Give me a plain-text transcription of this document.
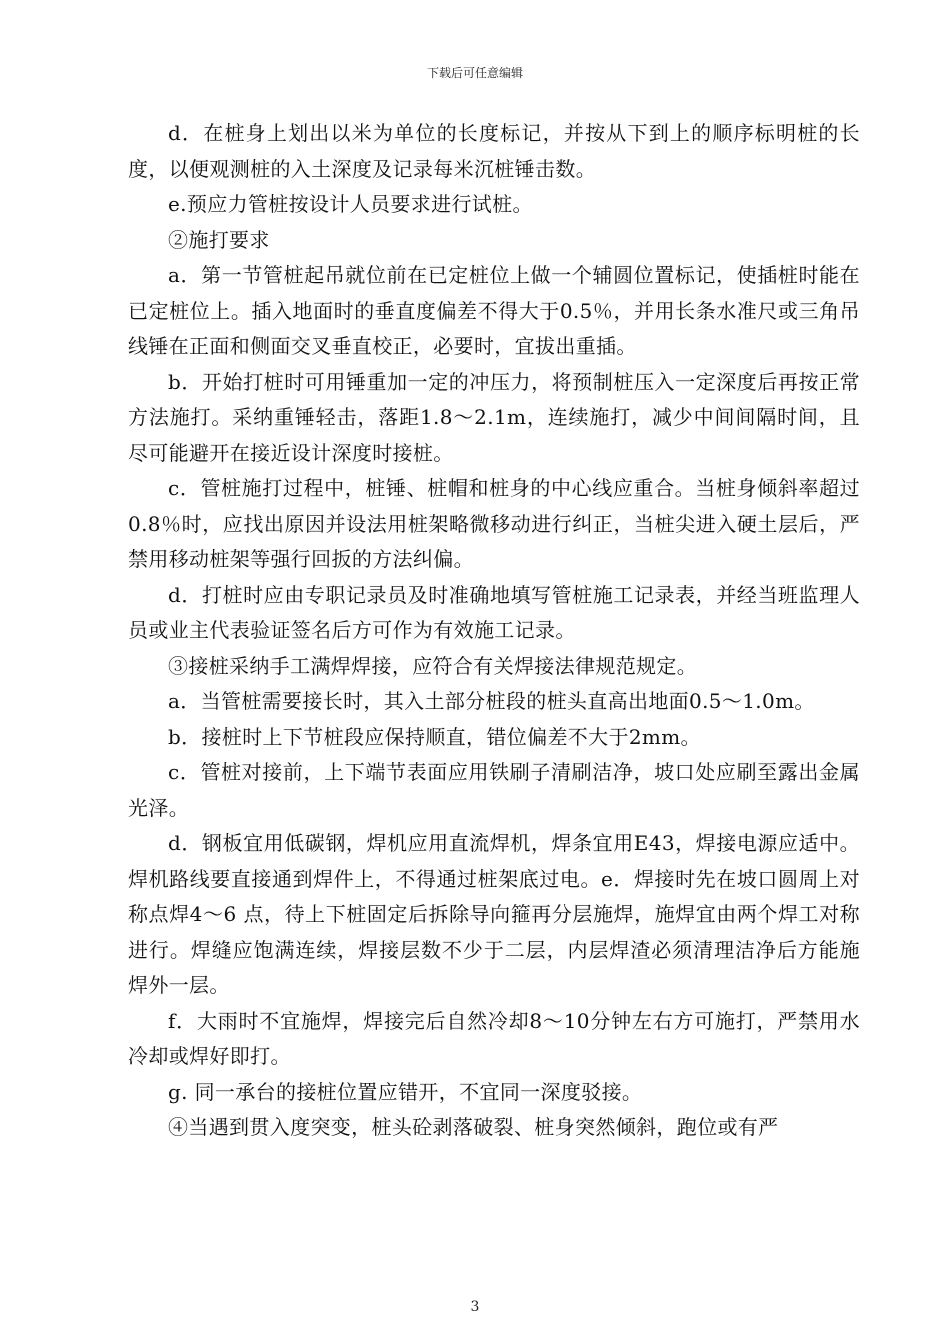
下载后可任意编辑

d．在桩身上划出以米为单位的长度标记，并按从下到上的顺序标明桩的长度，以便观测桩的入土深度及记录每米沉桩锤击数。

e.预应力管桩按设计人员要求进行试桩。

②施打要求

a．第一节管桩起吊就位前在已定桩位上做一个辅圆位置标记，使插桩时能在已定桩位上。插入地面时的垂直度偏差不得大于0.5％，并用长条水准尺或三角吊线锤在正面和侧面交叉垂直校正，必要时，宜拔出重插。

b．开始打桩时可用锤重加一定的冲压力，将预制桩压入一定深度后再按正常方法施打。采纳重锤轻击，落距1.8～2.1m，连续施打，减少中间间隔时间，且尽可能避开在接近设计深度时接桩。

c．管桩施打过程中，桩锤、桩帽和桩身的中心线应重合。当桩身倾斜率超过0.8％时，应找出原因并设法用桩架略微移动进行纠正，当桩尖进入硬土层后，严禁用移动桩架等强行回扳的方法纠偏。

d．打桩时应由专职记录员及时准确地填写管桩施工记录表，并经当班监理人员或业主代表验证签名后方可作为有效施工记录。

③接桩采纳手工满焊焊接，应符合有关焊接法律规范规定。

a．当管桩需要接长时，其入土部分桩段的桩头直高出地面0.5～1.0m。

b．接桩时上下节桩段应保持顺直，错位偏差不大于2mm。

c．管桩对接前，上下端节表面应用铁刷子清刷洁净，坡口处应刷至露出金属光泽。

d．钢板宜用低碳钢，焊机应用直流焊机，焊条宜用E43，焊接电源应适中。焊机路线要直接通到焊件上，不得通过桩架底过电。e．焊接时先在坡口圆周上对称点焊4～6 点，待上下桩固定后拆除导向箍再分层施焊，施焊宜由两个焊工对称进行。焊缝应饱满连续，焊接层数不少于二层，内层焊渣必须清理洁净后方能施焊外一层。

f．大雨时不宜施焊，焊接完后自然冷却8～10分钟左右方可施打，严禁用水冷却或焊好即打。

g. 同一承台的接桩位置应错开，不宜同一深度驳接。

④当遇到贯入度突变，桩头砼剥落破裂、桩身突然倾斜，跑位或有严

3
